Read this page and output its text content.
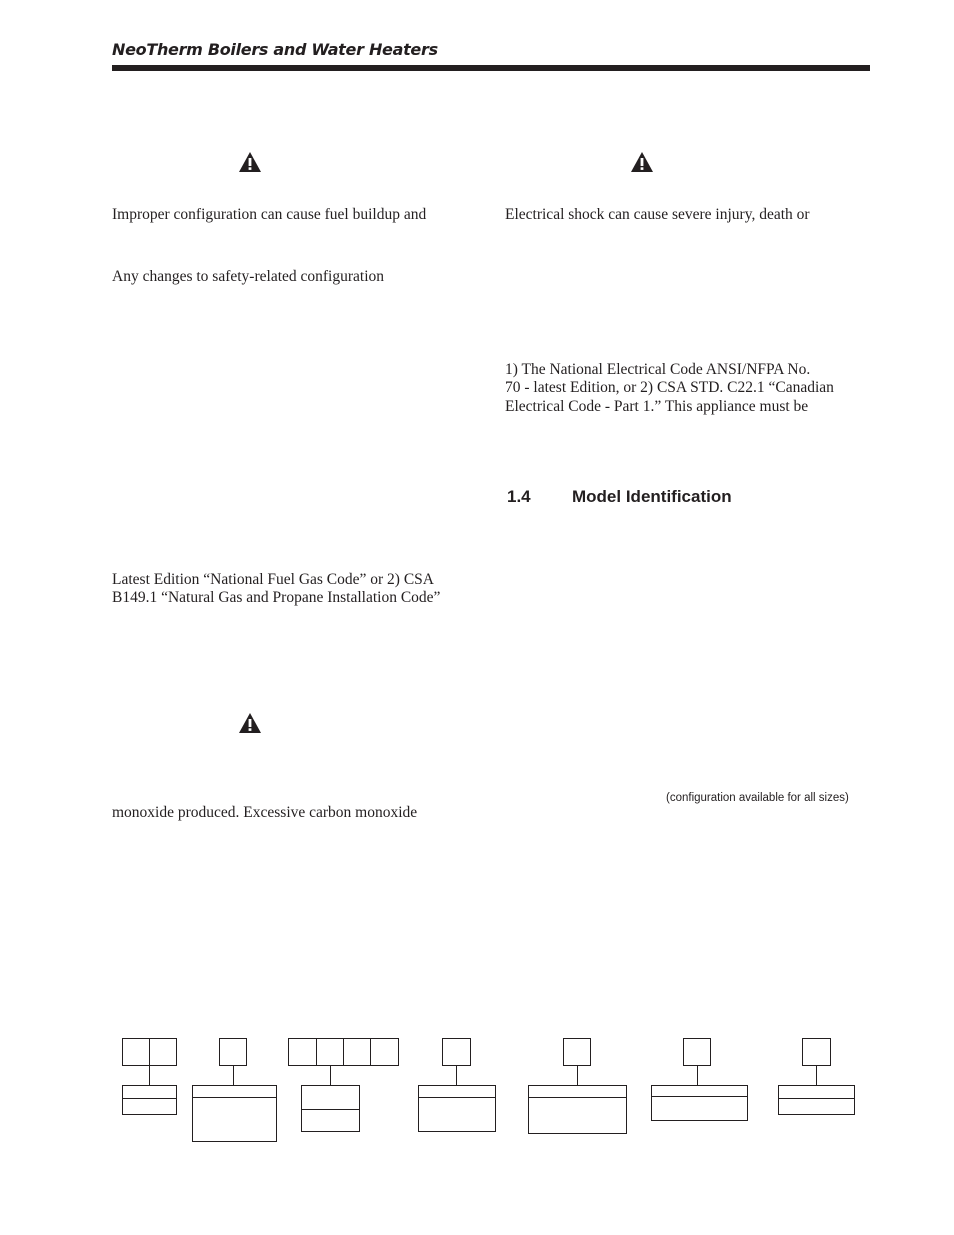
NeoTherm Boilers and Water Heaters
Improper configuration can cause fuel buildup and
Any changes to safety-related configuration
Latest Edition “National Fuel Gas Code” or 2) CSA
B149.1 “Natural Gas and Propane Installation Code”
monoxide produced. Excessive carbon monoxide
Electrical shock can cause severe injury, death or
1) The National Electrical Code ANSI/NFPA No.
70 - latest Edition, or 2) CSA STD. C22.1 “Canadian
Electrical Code - Part 1.” This appliance must be
1.4 Model Identification
(configuration available for all sizes)
